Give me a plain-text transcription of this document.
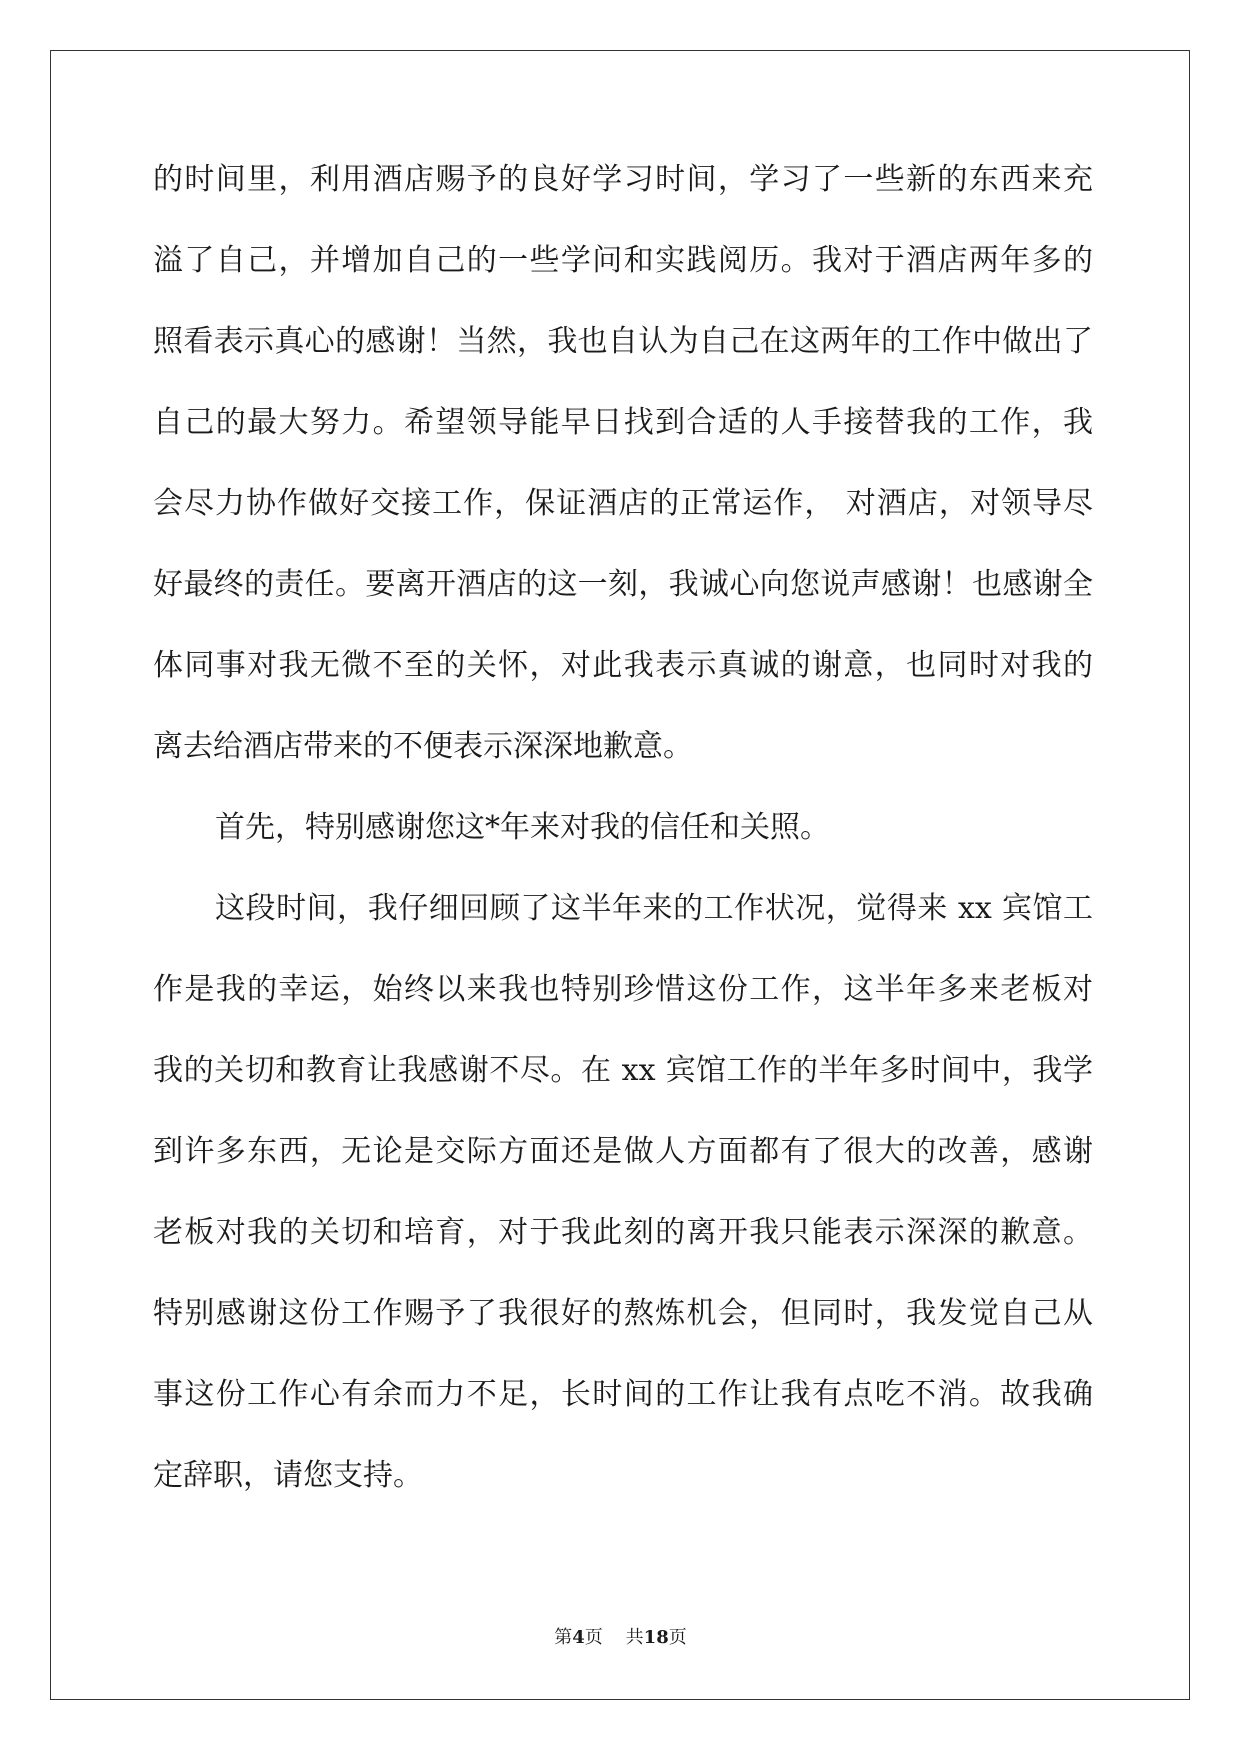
的时间里，利用酒店赐予的良好学习时间，学习了一些新的东西来充
溢了自己，并增加自己的一些学问和实践阅历。我对于酒店两年多的
照看表示真心的感谢！当然，我也自认为自己在这两年的工作中做出了
自己的最大努力。希望领导能早日找到合适的人手接替我的工作，我
会尽力协作做好交接工作，保证酒店的正常运作， 对酒店，对领导尽
好最终的责任。要离开酒店的这一刻，我诚心向您说声感谢！也感谢全
体同事对我无微不至的关怀，对此我表示真诚的谢意，也同时对我的
离去给酒店带来的不便表示深深地歉意。
首先，特别感谢您这*年来对我的信任和关照。
这段时间，我仔细回顾了这半年来的工作状况，觉得来 xx 宾馆工
作是我的幸运，始终以来我也特别珍惜这份工作，这半年多来老板对
我的关切和教育让我感谢不尽。在 xx 宾馆工作的半年多时间中，我学
到许多东西，无论是交际方面还是做人方面都有了很大的改善，感谢
老板对我的关切和培育，对于我此刻的离开我只能表示深深的歉意。
特别感谢这份工作赐予了我很好的熬炼机会，但同时，我发觉自己从
事这份工作心有余而力不足，长时间的工作让我有点吃不消。故我确
定辞职，请您支持。
第4页 共18页
